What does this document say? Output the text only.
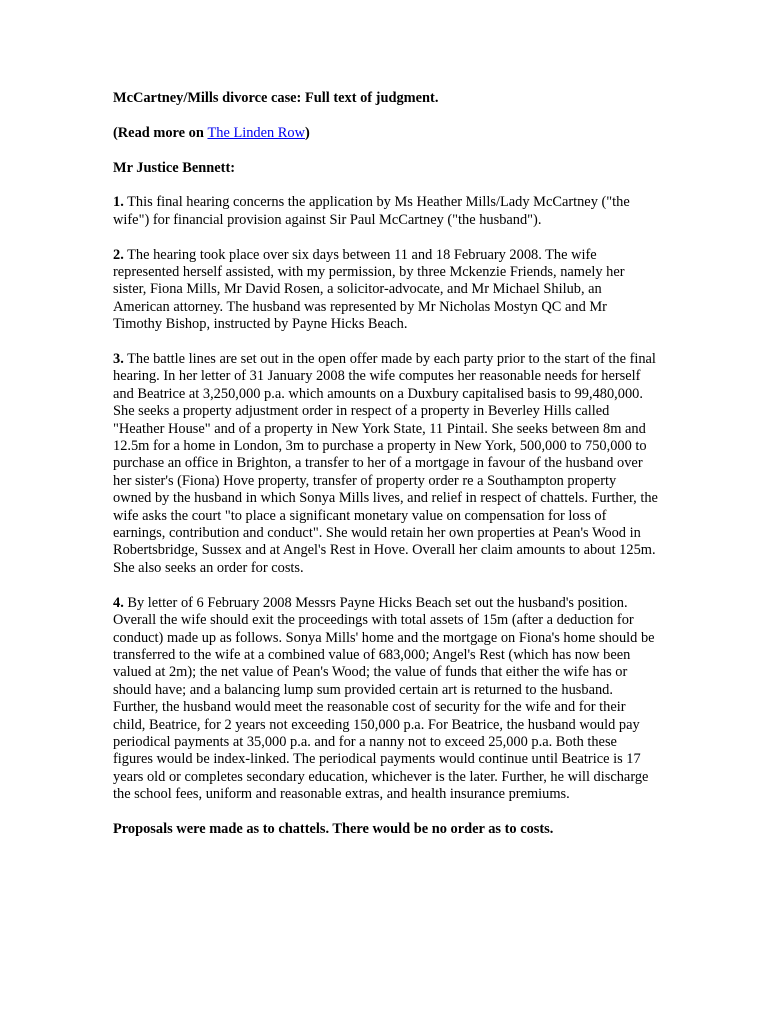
McCartney/Mills divorce case: Full text of judgment.

(Read more on The Linden Row)

Mr Justice Bennett:

1. This final hearing concerns the application by Ms Heather Mills/Lady McCartney ("the wife") for financial provision against Sir Paul McCartney ("the husband").

2. The hearing took place over six days between 11 and 18 February 2008. The wife represented herself assisted, with my permission, by three Mckenzie Friends, namely her sister, Fiona Mills, Mr David Rosen, a solicitor-advocate, and Mr Michael Shilub, an American attorney. The husband was represented by Mr Nicholas Mostyn QC and Mr Timothy Bishop, instructed by Payne Hicks Beach.

3. The battle lines are set out in the open offer made by each party prior to the start of the final hearing. In her letter of 31 January 2008 the wife computes her reasonable needs for herself and Beatrice at 3,250,000 p.a. which amounts on a Duxbury capitalised basis to 99,480,000. She seeks a property adjustment order in respect of a property in Beverley Hills called "Heather House" and of a property in New York State, 11 Pintail. She seeks between 8m and 12.5m for a home in London, 3m to purchase a property in New York, 500,000 to 750,000 to purchase an office in Brighton, a transfer to her of a mortgage in favour of the husband over her sister's (Fiona) Hove property, transfer of property order re a Southampton property owned by the husband in which Sonya Mills lives, and relief in respect of chattels. Further, the wife asks the court "to place a significant monetary value on compensation for loss of earnings, contribution and conduct". She would retain her own properties at Pean's Wood in Robertsbridge, Sussex and at Angel's Rest in Hove. Overall her claim amounts to about 125m. She also seeks an order for costs.

4. By letter of 6 February 2008 Messrs Payne Hicks Beach set out the husband's position. Overall the wife should exit the proceedings with total assets of 15m (after a deduction for conduct) made up as follows. Sonya Mills' home and the mortgage on Fiona's home should be transferred to the wife at a combined value of 683,000; Angel's Rest (which has now been valued at 2m); the net value of Pean's Wood; the value of funds that either the wife has or should have; and a balancing lump sum provided certain art is returned to the husband. Further, the husband would meet the reasonable cost of security for the wife and for their child, Beatrice, for 2 years not exceeding 150,000 p.a. For Beatrice, the husband would pay periodical payments at 35,000 p.a. and for a nanny not to exceed 25,000 p.a. Both these figures would be index-linked. The periodical payments would continue until Beatrice is 17 years old or completes secondary education, whichever is the later. Further, he will discharge the school fees, uniform and reasonable extras, and health insurance premiums.

Proposals were made as to chattels. There would be no order as to costs.
